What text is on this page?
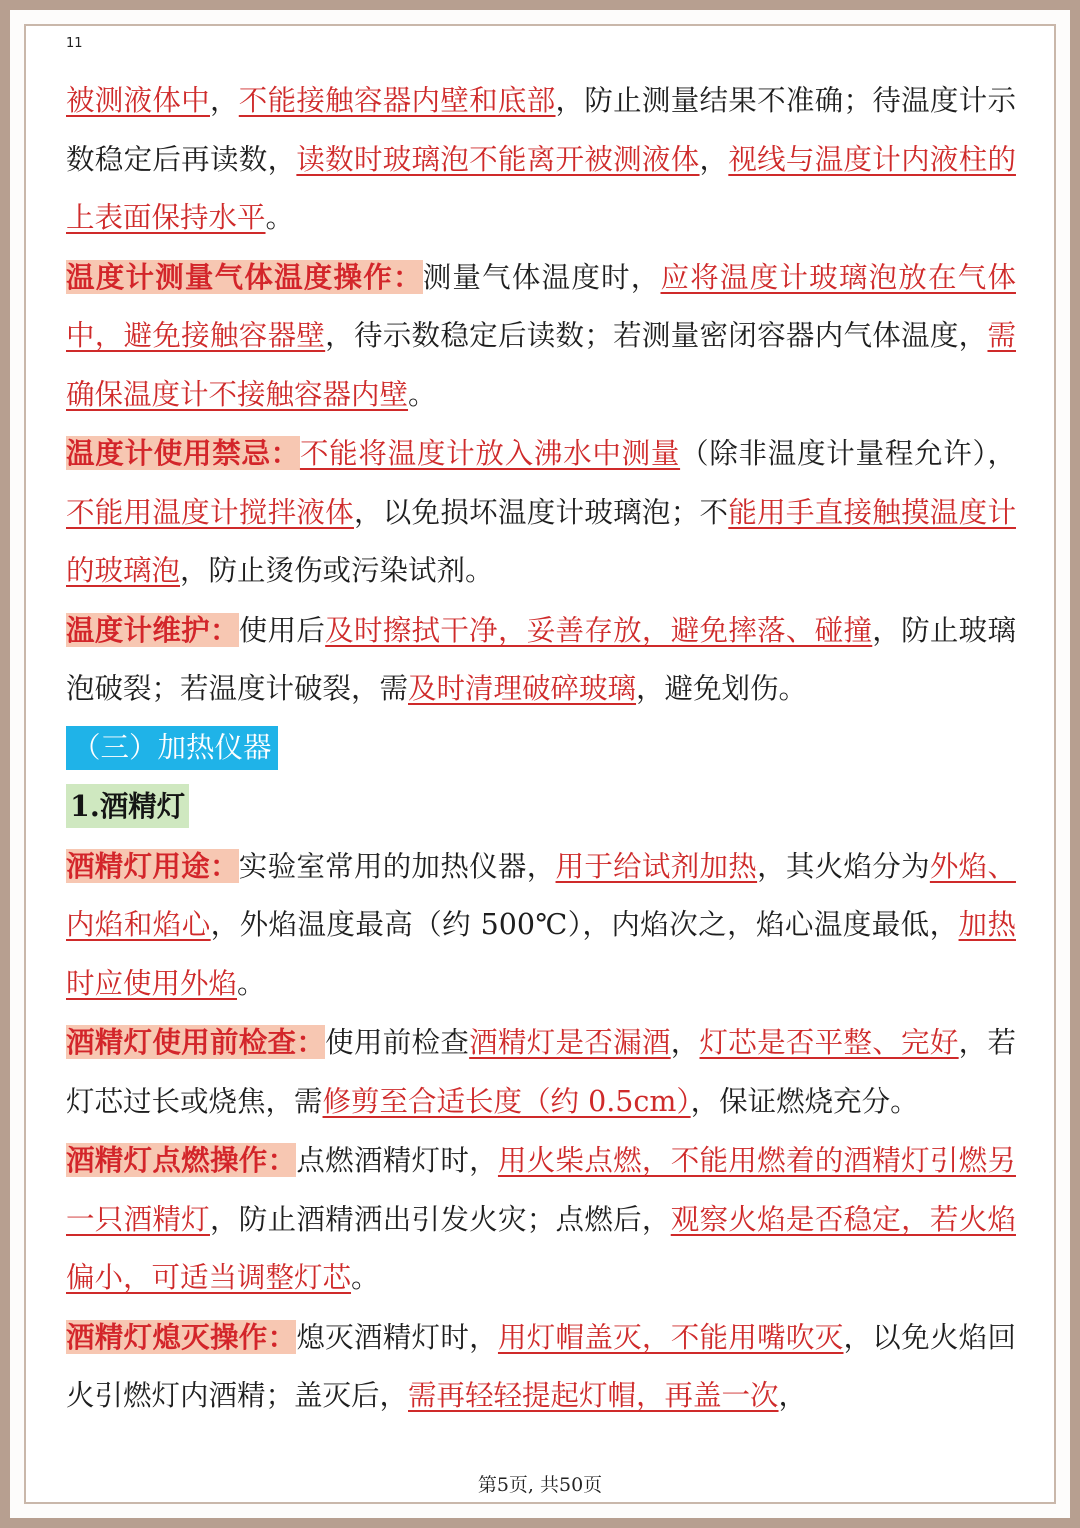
11

被测液体中，不能接触容器内壁和底部，防止测量结果不准确；待温度计示数稳定后再读数，读数时玻璃泡不能离开被测液体，视线与温度计内液柱的上表面保持水平。

温度计测量气体温度操作：测量气体温度时，应将温度计玻璃泡放在气体中，避免接触容器壁，待示数稳定后读数；若测量密闭容器内气体温度，需确保温度计不接触容器内壁。

温度计使用禁忌：不能将温度计放入沸水中测量（除非温度计量程允许），不能用温度计搅拌液体，以免损坏温度计玻璃泡；不能用手直接触摸温度计的玻璃泡，防止烫伤或污染试剂。

温度计维护：使用后及时擦拭干净，妥善存放，避免摔落、碰撞，防止玻璃泡破裂；若温度计破裂，需及时清理破碎玻璃，避免划伤。

（三）加热仪器

1.酒精灯

酒精灯用途：实验室常用的加热仪器，用于给试剂加热，其火焰分为外焰、内焰和焰心，外焰温度最高（约 500℃），内焰次之，焰心温度最低，加热时应使用外焰。

酒精灯使用前检查：使用前检查酒精灯是否漏酒，灯芯是否平整、完好，若灯芯过长或烧焦，需修剪至合适长度（约 0.5cm），保证燃烧充分。

酒精灯点燃操作：点燃酒精灯时，用火柴点燃，不能用燃着的酒精灯引燃另一只酒精灯，防止酒精洒出引发火灾；点燃后，观察火焰是否稳定，若火焰偏小，可适当调整灯芯。

酒精灯熄灭操作：熄灭酒精灯时，用灯帽盖灭，不能用嘴吹灭，以免火焰回火引燃灯内酒精；盖灭后，需再轻轻提起灯帽，再盖一次，

第5页, 共50页
